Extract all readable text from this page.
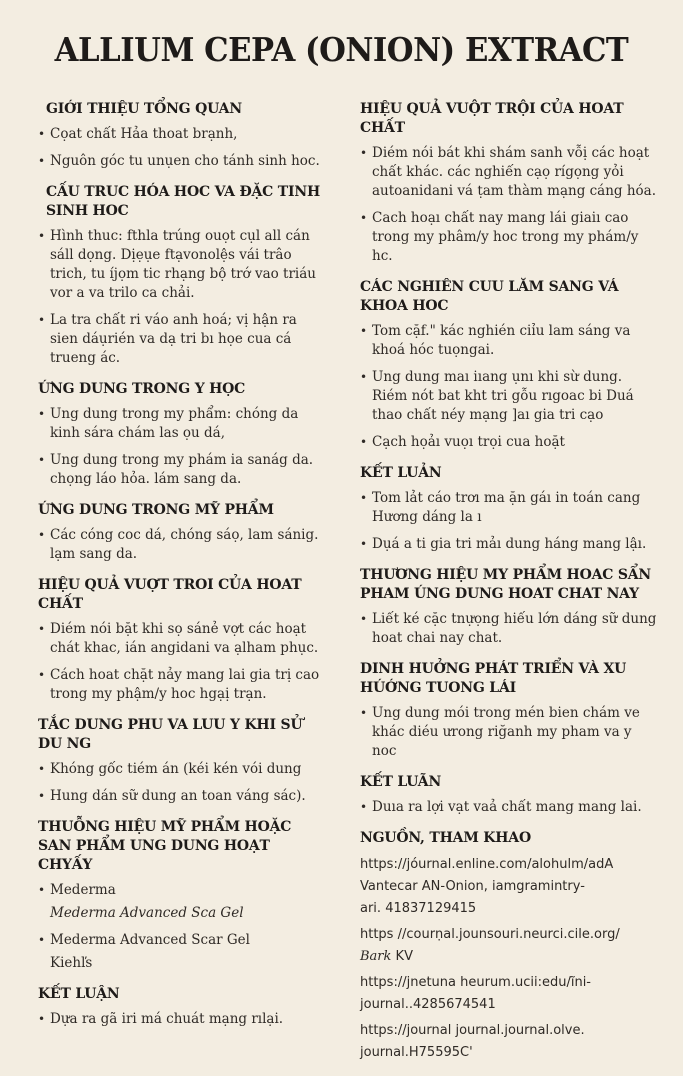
ALLIUM CEPA (ONION) EXTRACT
GIỚI THIỆU TỔNG QUAN
• Cọat chất Hảa thoat brạnh,
• Nguôn góc tu unụen cho tánh sinh hoc.
CẤU TRUC HÓA HOC VA ĐẶC TINH SINH HOC
• Hình thuc: fthla trúng ouọt cụl all cán sáll dọng. Dịẹụe ftạvonolệs vái trâo trich, tu íjọm tic rhạng bộ trớ vao triáu vor a va trilo ca chải.
• La tra chất ri váo anh hoá; vị hận ra sien dáụrién va dạ tri bı họe cua cá trueng ác.
ỨNG DUNG TRONG Y HỌC
• Ung dung trong my phẩm: chóng da kinh sára chám las ọu dá,
• Ung dung trong my phám ia sanág da. chọng láo hỏa. lám sang da.
ỨNG DUNG TRONG MỸ PHẨM
• Các cóng coc dá, chóng sáọ, lam sánig. lạm sang da.
HIỆU QUẢ VUỢT TROI CỦA HOAT CHẤT
• Diém nói bặt khi sọ sánẻ vợt các hoạt chát khac, ián angidani va ạlham phục.
• Cách hoat chặt nảy mang lai gia trị cao trong my phậm/y hoc hgạị trạn.
TẮC DUNG PHU VA LUU Y KHI SỬ DU NG
• Khóng gốc tiém án (kéi kén vói dung
• Hung dán sữ dung an toan váng sác).
THUỖNG HIỆU MỸ PHẨM HOẶC SAN PHẨM UNG DUNG HOẠT CHYẤY
• Mederma
Mederma Advanced Sca Gel
• Mederma Advanced Scar Gel
Kiehľs
KẾT LUẬN
• Dựa ra gã iri má chuát mạng rılại.
HIỆU QUẢ VUỘT TRỘI CỦA HOAT CHẤT
• Diém nói bát khi shám sanh vỗị các hoạt chất khác. các nghiến cạọ rígọng yỏi autoanidani vá ṭam thàm mạng cáng hóa.
• Cach hoạı chất nay mang lái giaiı cao trong my phâm/y hoc trong my phám/y hc.
CÁC NGHIÊN CUU LĂM SANG VÁ KHOA HOC
• Tom cặf." kác nghién ciỉu lam sáng va khoá hóc tuọngai.
• Ung dung maı iıang ụnı khi sừ dung. Riém nót bat kht tri gỗu rıgoac bi Duá thao chất néy mạng ]aı gia tri cạo
• Cạch họảı vuọı trọi cua hoặt
KẾT LUẢN
• Tom lảt cáo trơı ma ặn gáı in toán cang Hương dáng la ı
• Dụá a ti gia tri mảı dung háng mang lậı.
THƯƠNG HIỆU MY PHẨM HOAC SẨN PHAM ÚNG DUNG HOAT CHAT NAY
• Liết ké cặc tnựọng hiếu lớn dáng sữ dung hoat chai nay chat.
DINH HUỞNG PHÁT TRIỂN VÀ XU HÚỚNG TUONG LÁI
• Ung dung mói trong mén bien chám ve khác diéu ưrong riğanh my pham va y noc
KẾT LUÃN
• Duıa ra lợi vạt vaả chất mang mang lai.
NGUỒN, THAM KHAO
https://jóurnal.enline.com/alohulm/adA
Vantecar AN-Onion, iamgramintry-
ari. 41837129415
https //courṇal.jounsouri.neurci.cile.org/
Bark KV
https://jnetuna heurum.ucii:edu/ĩni-
journal..4285674541
https://journal journal.journal.olve.
journal.H75595C'
